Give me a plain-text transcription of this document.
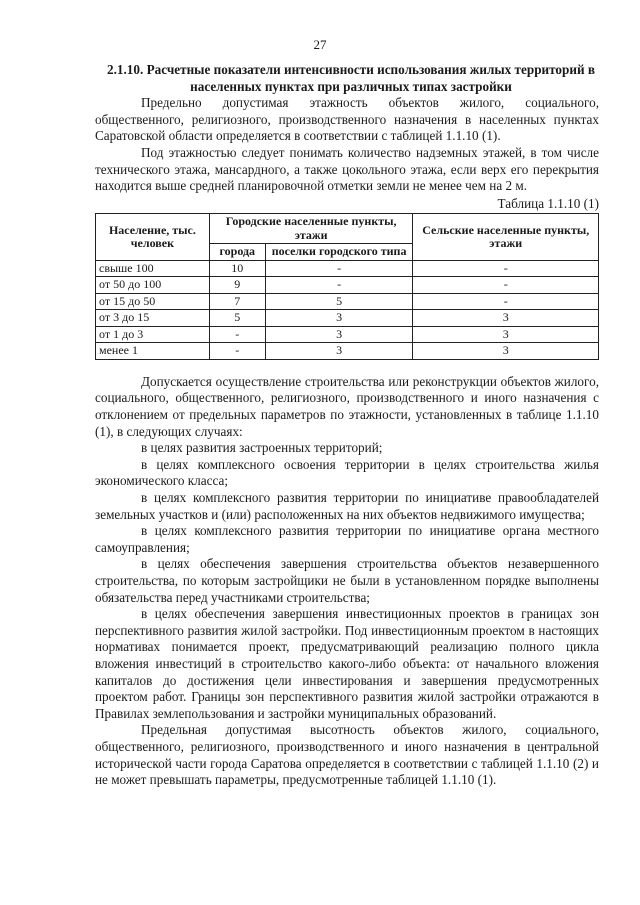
27

2.1.10. Расчетные показатели интенсивности использования жилых территорий в населенных пунктах при различных типах застройки

Предельно допустимая этажность объектов жилого, социального, общественного, религиозного, производственного назначения в населенных пунктах Саратовской области определяется в соответствии с таблицей 1.1.10 (1).

Под этажностью следует понимать количество надземных этажей, в том числе технического этажа, мансардного, а также цокольного этажа, если верх его перекрытия находится выше средней планировочной отметки земли не менее чем на 2 м.

Таблица 1.1.10 (1)

Население, тыс. человек	Городские населенные пункты, этажи		Сельские населенные пункты, этажи
	города	поселки городского типа	
свыше 100	10	-	-
от 50 до 100	9	-	-
от 15 до 50	7	5	-
от 3 до 15	5	3	3
от 1 до 3	-	3	3
менее 1	-	3	3

Допускается осуществление строительства или реконструкции объектов жилого, социального, общественного, религиозного, производственного и иного назначения с отклонением от предельных параметров по этажности, установленных в таблице 1.1.10 (1), в следующих случаях:

в целях развития застроенных территорий;

в целях комплексного освоения территории в целях строительства жилья экономического класса;

в целях комплексного развития территории по инициативе правообладателей земельных участков и (или) расположенных на них объектов недвижимого имущества;

в целях комплексного развития территории по инициативе органа местного самоуправления;

в целях обеспечения завершения строительства объектов незавершенного строительства, по которым застройщики не были в установленном порядке выполнены обязательства перед участниками строительства;

в целях обеспечения завершения инвестиционных проектов в границах зон перспективного развития жилой застройки. Под инвестиционным проектом в настоящих нормативах понимается проект, предусматривающий реализацию полного цикла вложения инвестиций в строительство какого-либо объекта: от начального вложения капиталов до достижения цели инвестирования и завершения предусмотренных проектом работ. Границы зон перспективного развития жилой застройки отражаются в Правилах землепользования и застройки муниципальных образований.

Предельная допустимая высотность объектов жилого, социального, общественного, религиозного, производственного и иного назначения в центральной исторической части города Саратова определяется в соответствии с таблицей 1.1.10 (2) и не может превышать параметры, предусмотренные таблицей 1.1.10 (1).
